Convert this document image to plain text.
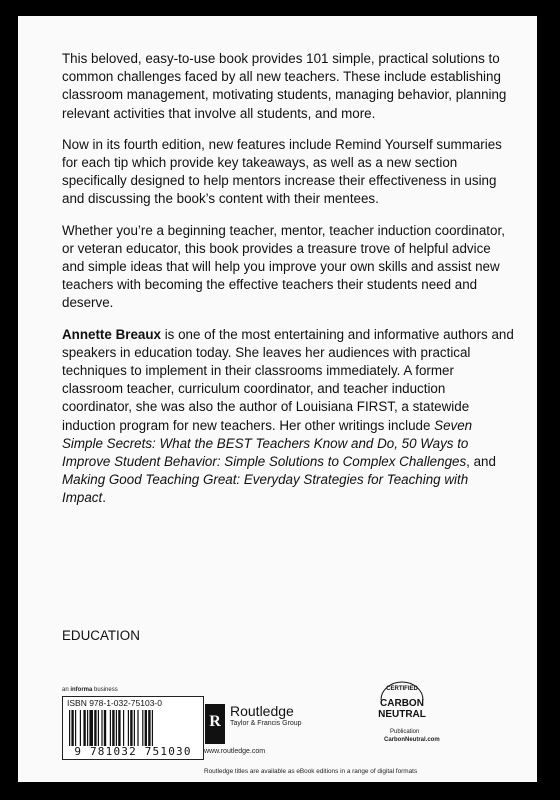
This beloved, easy-to-use book provides 101 simple, practical solutions to common challenges faced by all new teachers. These include establishing classroom management, motivating students, managing behavior, planning relevant activities that involve all students, and more.

Now in its fourth edition, new features include Remind Yourself summaries for each tip which provide key takeaways, as well as a new section specifically designed to help mentors increase their effectiveness in using and discussing the book’s content with their mentees.

Whether you’re a beginning teacher, mentor, teacher induction coordinator, or veteran educator, this book provides a treasure trove of helpful advice and simple ideas that will help you improve your own skills and assist new teachers with becoming the effective teachers their students need and deserve.

Annette Breaux is one of the most entertaining and informative authors and speakers in education today. She leaves her audiences with practical techniques to implement in their classrooms immediately. A former classroom teacher, curriculum coordinator, and teacher induction coordinator, she was also the author of Louisiana FIRST, a statewide induction program for new teachers. Her other writings include Seven Simple Secrets: What the BEST Teachers Know and Do, 50 Ways to Improve Student Behavior: Simple Solutions to Complex Challenges, and Making Good Teaching Great: Everyday Strategies for Teaching with Impact.

EDUCATION
an informa business
ISBN 978-1-032-75103-0
9 781032 751030
R
Routledge
Taylor & Francis Group
www.routledge.com
CERTIFIED
CARBON
NEUTRAL
Publication
CarbonNeutral.com
Routledge titles are available as eBook editions in a range of digital formats
